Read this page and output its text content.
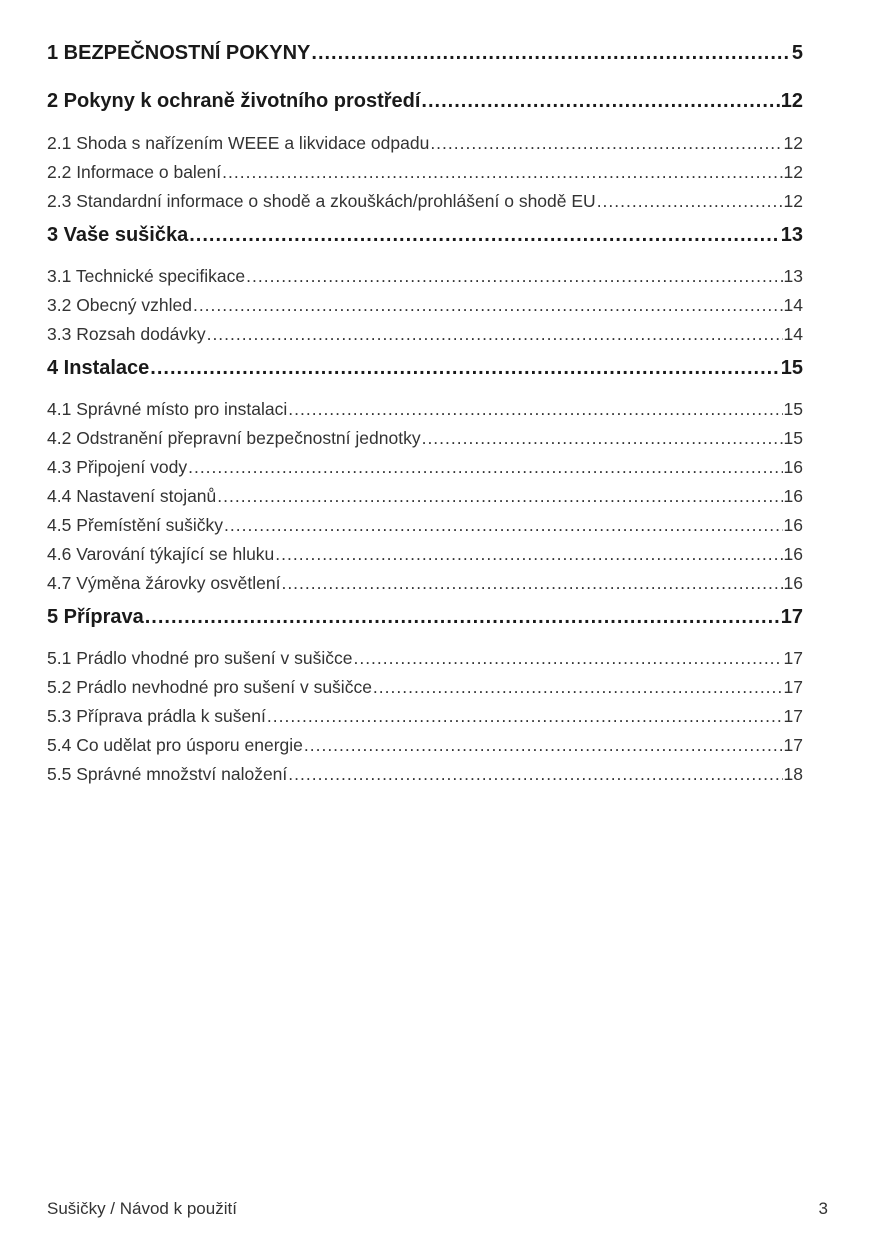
1 BEZPEČNOSTNÍ POKYNY .....	5
2 Pokyny k ochraně životního prostředí .....	12
2.1 Shoda s nařízením WEEE a likvidace odpadu .....	12
2.2 Informace o balení .....	12
2.3 Standardní informace o shodě a zkouškách/prohlášení o shodě EU .....	12
3 Vaše sušička .....	13
3.1 Technické specifikace .....	13
3.2 Obecný vzhled .....	14
3.3 Rozsah dodávky .....	14
4 Instalace .....	15
4.1 Správné místo pro instalaci .....	15
4.2 Odstranění přepravní bezpečnostní jednotky .....	15
4.3 Připojení vody .....	16
4.4 Nastavení stojanů .....	16
4.5 Přemístění sušičky .....	16
4.6 Varování týkající se hluku .....	16
4.7 Výměna žárovky osvětlení .....	16
5 Příprava .....	17
5.1 Prádlo vhodné pro sušení v sušičce .....	17
5.2 Prádlo nevhodné pro sušení v sušičce .....	17
5.3 Příprava prádla k sušení .....	17
5.4 Co udělat pro úsporu energie .....	17
5.5 Správné množství naložení .....	18
Sušičky / Návod k použití	3
